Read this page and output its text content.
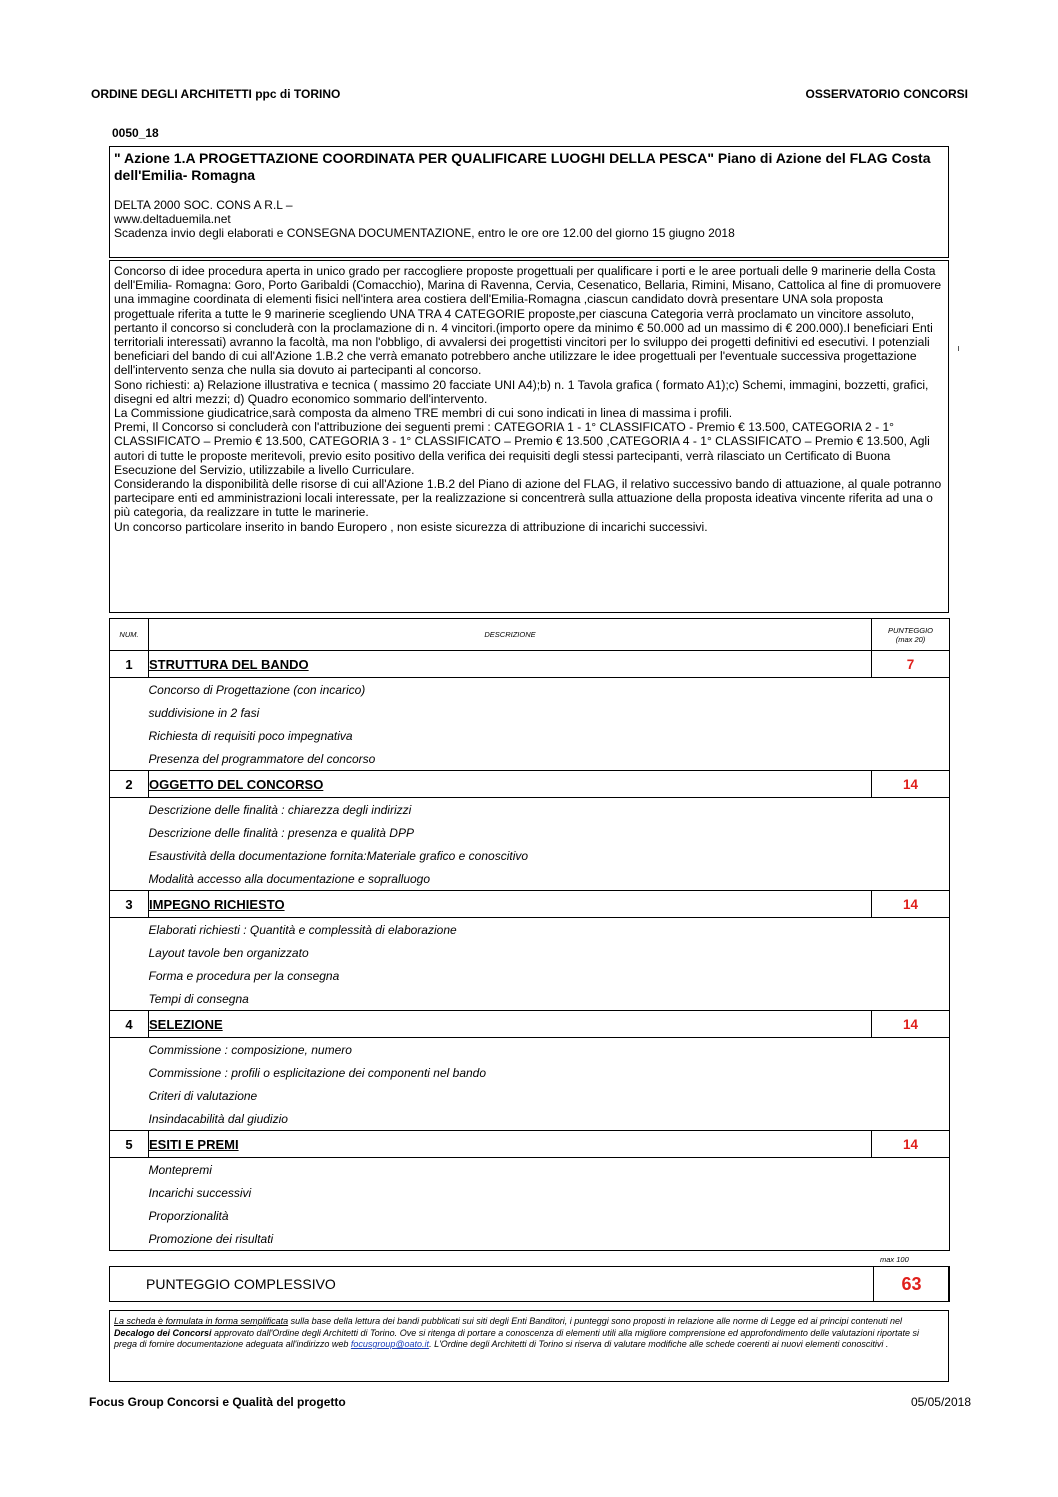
ORDINE DEGLI ARCHITETTI ppc di TORINO	OSSERVATORIO CONCORSI
0050_18
" Azione 1.A PROGETTAZIONE COORDINATA PER QUALIFICARE LUOGHI DELLA PESCA" Piano di Azione del FLAG Costa dell'Emilia- Romagna
DELTA 2000 SOC. CONS A R.L –
www.deltaduemila.net
Scadenza invio degli elaborati e CONSEGNA DOCUMENTAZIONE, entro le ore ore 12.00 del giorno 15 giugno 2018

Concorso di idee procedura aperta in unico grado per raccogliere proposte progettuali per qualificare i porti e le aree portuali delle 9 marinerie della Costa dell'Emilia- Romagna: Goro, Porto Garibaldi (Comacchio), Marina di Ravenna, Cervia, Cesenatico, Bellaria, Rimini, Misano, Cattolica al fine di promuovere una immagine coordinata di elementi fisici nell'intera area costiera dell'Emilia-Romagna ,ciascun candidato dovrà presentare UNA sola proposta progettuale riferita a tutte le 9 marinerie scegliendo UNA TRA 4 CATEGORIE proposte,per ciascuna Categoria verrà proclamato un vincitore assoluto, pertanto il concorso si concluderà con la proclamazione di n. 4 vincitori.(importo opere da minimo € 50.000 ad un massimo di € 200.000).I beneficiari Enti territoriali interessati) avranno la facoltà, ma non l'obbligo, di avvalersi dei progettisti vincitori per lo sviluppo dei progetti definitivi ed esecutivi. I potenziali beneficiari del bando di cui all'Azione 1.B.2 che verrà emanato potrebbero anche utilizzare le idee progettuali per l'eventuale successiva progettazione dell'intervento senza che nulla sia dovuto ai partecipanti al concorso.

Sono richiesti: a) Relazione illustrativa e tecnica ( massimo 20 facciate UNI A4);b) n. 1 Tavola grafica ( formato A1);c) Schemi, immagini, bozzetti, grafici, disegni ed altri mezzi; d) Quadro economico sommario dell'intervento.

La Commissione giudicatrice,sarà composta da almeno TRE membri di cui sono indicati in linea di massima i profili.

Premi, Il Concorso si concluderà con l'attribuzione dei seguenti premi : CATEGORIA 1 - 1° CLASSIFICATO - Premio € 13.500, CATEGORIA 2 - 1° CLASSIFICATO – Premio € 13.500, CATEGORIA 3 - 1° CLASSIFICATO – Premio € 13.500 ,CATEGORIA 4 - 1° CLASSIFICATO – Premio € 13.500, Agli autori di tutte le proposte meritevoli, previo esito positivo della verifica dei requisiti degli stessi partecipanti, verrà rilasciato un Certificato di Buona Esecuzione del Servizio, utilizzabile a livello Curriculare.

Considerando la disponibilità delle risorse di cui all'Azione 1.B.2 del Piano di azione del FLAG, il relativo successivo bando di attuazione, al quale potranno partecipare enti ed amministrazioni locali interessate, per la realizzazione si concentrerà sulla attuazione della proposta ideativa vincente riferita ad una o più categoria, da realizzare in tutte le marinerie.

Un concorso particolare inserito in bando Europero , non esiste sicurezza di attribuzione di incarichi successivi.

NUM.	DESCRIZIONE	PUNTEGGIO
(max 20)
1	STRUTTURA DEL BANDO	7
	Concorso di Progettazione (con incarico)	
	suddivisione in 2 fasi	
	Richiesta di requisiti poco impegnativa	
	Presenza del programmatore del concorso	
2	OGGETTO DEL CONCORSO	14
	Descrizione delle finalità : chiarezza degli indirizzi	
	Descrizione delle finalità : presenza e qualità DPP	
	Esaustività della documentazione fornita:Materiale grafico e conoscitivo	
	Modalità accesso alla documentazione e sopralluogo	
3	IMPEGNO RICHIESTO	14
	Elaborati richiesti : Quantità e complessità di elaborazione	
	Layout tavole ben organizzato	
	Forma e procedura per la consegna	
	Tempi di consegna	
4	SELEZIONE	14
	Commissione : composizione, numero	
	Commissione : profili o esplicitazione dei componenti nel bando	
	Criteri di valutazione	
	Insindacabilità dal giudizio	
5	ESITI E PREMI	14
	Montepremi	
	Incarichi successivi	
	Proporzionalità	
	Promozione dei risultati	
max 100
PUNTEGGIO COMPLESSIVO	63

La scheda è formulata in forma semplificata sulla base della lettura dei bandi pubblicati sui siti degli Enti Banditori, i punteggi sono proposti in relazione alle norme di Legge ed ai principi contenuti nel Decalogo dei Concorsi approvato dall'Ordine degli Architetti di Torino. Ove si ritenga di portare a conoscenza di elementi utili alla migliore comprensione ed approfondimento delle valutazioni riportate si prega di fornire documentazione adeguata all'indirizzo web focusgroup@oato.it. L'Ordine degli Architetti di Torino si riserva di valutare modifiche alle schede coerenti ai nuovi elementi conoscitivi .

Focus Group Concorsi e Qualità del progetto	05/05/2018
